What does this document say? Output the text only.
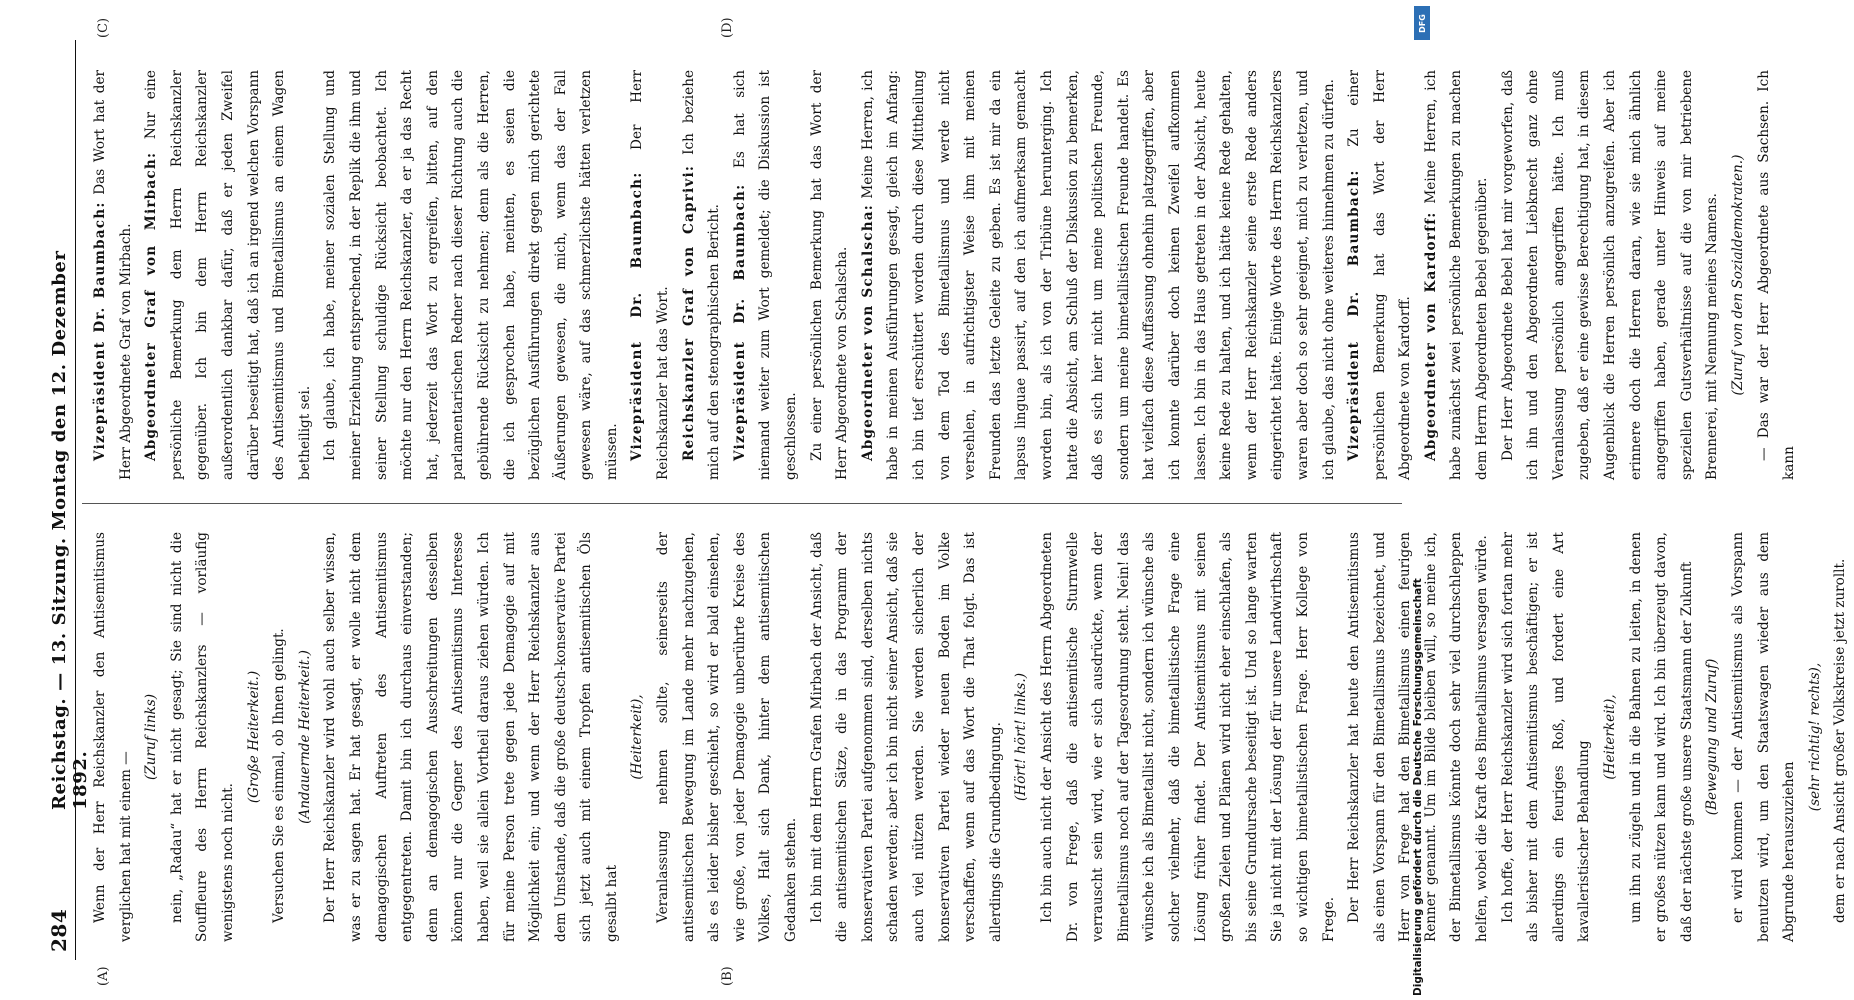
284
Reichstag. — 13. Sitzung. Montag den 12. Dezember 1892.
(A)	(B)
(C)	(D)

Wenn der Herr Reichskanzler den Antisemitismus verglichen hat mit einem —

(Zuruf links) nein, „Radau“ hat er nicht gesagt; Sie sind nicht die Souffleure des Herrn Reichskanzlers — vorläufig wenigstens noch nicht.

(Große Heiterkeit.) Versuchen Sie es einmal, ob Ihnen gelingt. (Andauernde Heiterkeit.) Der Herr Reichskanzler wird wohl auch selber wissen, was er zu sagen hat. Er hat gesagt, er wolle nicht dem demagogischen Auftreten des Antisemitismus entgegentreten. Damit bin ich durchaus einverstanden; denn an demagogischen Ausschreitungen desselben können nur die Gegner des Antisemitismus Interesse haben, weil sie allein Vortheil daraus ziehen würden. Ich für meine Person trete gegen jede Demagogie auf mit Möglichkeit ein; und wenn der Herr Reichskanzler aus dem Umstande, daß die große deutsch-konservative Partei sich jetzt auch mit einem Tropfen antisemitischen Öls gesalbt hat

(Heiterkeit), Veranlassung nehmen sollte, seinerseits der antisemitischen Bewegung im Lande mehr nachzugehen, als es leider bisher geschieht, so wird er bald einsehen, wie große, von jeder Demagogie unberührte Kreise des Volkes, Halt sich Dank, hinter dem antisemitischen Gedanken stehen. Ich bin mit dem Herrn Grafen Mirbach der Ansicht, daß die antisemitischen Sätze, die in das Programm der konservativen Partei aufgenommen sind, derselben nichts schaden werden; aber ich bin nicht seiner Ansicht, daß sie auch viel nützen werden. Sie werden sicherlich der konservativen Partei wieder neuen Boden im Volke verschaffen, wenn auf das Wort die That folgt. Das ist allerdings die Grundbedingung. (Hört! hört! links.) Ich bin auch nicht der Ansicht des Herrn Abgeordneten Dr. von Frege, daß die antisemitische Sturmwelle verrauscht sein wird, wie er sich ausdrückte, wenn der Bimetallismus noch auf der Tagesordnung steht. Nein! das wünsche ich als Bimetallist nicht, sondern ich wünsche als solcher vielmehr, daß die bimetallistische Frage eine Lösung früher findet. Der Antisemitismus mit seinen großen Zielen und Plänen wird nicht eher einschlafen, als bis seine Grundursache beseitigt ist. Und so lange warten Sie ja nicht mit der Lösung der für unsere Landwirthschaft so wichtigen bimetallistischen Frage. Herr Kollege von Frege. Der Herr Reichskanzler hat heute den Antisemitismus als einen Vorspann für den Bimetallismus bezeichnet, und Herr von Frege hat den Bimetallismus einen feurigen Renner genannt. Um im Bilde bleiben will, so meine ich, der Bimetallismus könnte doch sehr viel durchschleppen helfen, wobei die Kraft des Bimetallismus versagen würde. Ich hoffe, der Herr Reichskanzler wird sich fortan mehr als bisher mit dem Antisemitismus beschäftigen; er ist allerdings ein feuriges Roß, und fordert eine Art kavalleristischer Behandlung

(Heiterkeit), um ihn zu zügeln und in die Bahnen zu leiten, in denen er großes nützen kann und wird. Ich bin überzeugt davon, daß der nächste große unsere Staatsmann der Zukunft (Bewegung und Zuruf) er wird kommen — der Antisemitismus als Vorspann benutzen wird, um den Staatswagen wieder aus dem Abgrunde herauszuziehen

(sehr richtig! rechts), dem er nach Ansicht großer Volkskreise jetzt zurollt.

Vizepräsident Dr. Baumbach: Das Wort hat der Herr Abgeordnete Graf von Mirbach. Abgeordneter Graf von Mirbach: Nur eine persönliche Bemerkung dem Herrn Reichskanzler gegenüber. Ich bin dem Herrn Reichskanzler außerordentlich dankbar dafür, daß er jeden Zweifel darüber beseitigt hat, daß ich an irgend welchen Vorspann des Antisemitismus und Bimetallismus an einem Wagen betheiligt sei. Ich glaube, ich habe, meiner sozialen Stellung und meiner Erziehung entsprechend, in der Replik die ihm und seiner Stellung schuldige Rücksicht beobachtet. Ich möchte nur den Herrn Reichskanzler, da er ja das Recht hat, jederzeit das Wort zu ergreifen, bitten, auf den parlamentarischen Redner nach dieser Richtung auch die gebührende Rücksicht zu nehmen; denn als die Herren, die ich gesprochen habe, meinten, es seien die bezüglichen Ausführungen direkt gegen mich gerichtete Äußerungen gewesen, die mich, wenn das der Fall gewesen wäre, auf das schmerzlichste hätten verletzen müssen. Vizepräsident Dr. Baumbach: Der Herr Reichskanzler hat das Wort. Reichskanzler Graf von Caprivi: Ich beziehe mich auf den stenographischen Bericht. Vizepräsident Dr. Baumbach: Es hat sich niemand weiter zum Wort gemeldet; die Diskussion ist geschlossen. Zu einer persönlichen Bemerkung hat das Wort der Herr Abgeordnete von Schalscha. Abgeordneter von Schalscha: Meine Herren, ich habe in meinen Ausführungen gesagt, gleich im Anfang: ich bin tief erschüttert worden durch diese Mittheilung von dem Tod des Bimetallismus und werde nicht versehlen, in aufrichtigster Weise ihm mit meinen Freunden das letzte Geleite zu geben. Es ist mir da ein lapsus linguae passirt, auf den ich aufmerksam gemacht worden bin, als ich von der Tribüne herunterging. Ich hatte die Absicht, am Schluß der Diskussion zu bemerken, daß es sich hier nicht um meine politischen Freunde, sondern um meine bimetallistischen Freunde handelt. Es hat vielfach diese Auffassung ohnehin platzgegriffen, aber ich konnte darüber doch keinen Zweifel aufkommen lassen. Ich bin in das Haus getreten in der Absicht, heute keine Rede zu halten, und ich hätte keine Rede gehalten, wenn der Herr Reichskanzler seine erste Rede anders eingerichtet hätte. Einige Worte des Herrn Reichskanzlers waren aber doch so sehr geeignet, mich zu verletzen, und ich glaube, das nicht ohne weiteres hinnehmen zu dürfen. Vizepräsident Dr. Baumbach: Zu einer persönlichen Bemerkung hat das Wort der Herr Abgeordnete von Kardorff. Abgeordneter von Kardorff: Meine Herren, ich habe zunächst zwei persönliche Bemerkungen zu machen dem Herrn Abgeordneten Bebel gegenüber. Der Herr Abgeordnete Bebel hat mir vorgeworfen, daß ich ihn und den Abgeordneten Liebknecht ganz ohne Veranlassung persönlich angegriffen hätte. Ich muß zugeben, daß er eine gewisse Berechtigung hat, in diesem Augenblick die Herren persönlich anzugreifen. Aber ich erinnere doch die Herren daran, wie sie mich ähnlich angegriffen haben, gerade unter Hinweis auf meine speziellen Gutsverhältnisse auf die von mir betriebene Brennerei, mit Nennung meines Namens. (Zuruf von den Sozialdemokraten.) — Das war der Herr Abgeordnete aus Sachsen. Ich kann

DFG
Digitalisierung gefördert durch die Deutsche Forschungsgemeinschaft
